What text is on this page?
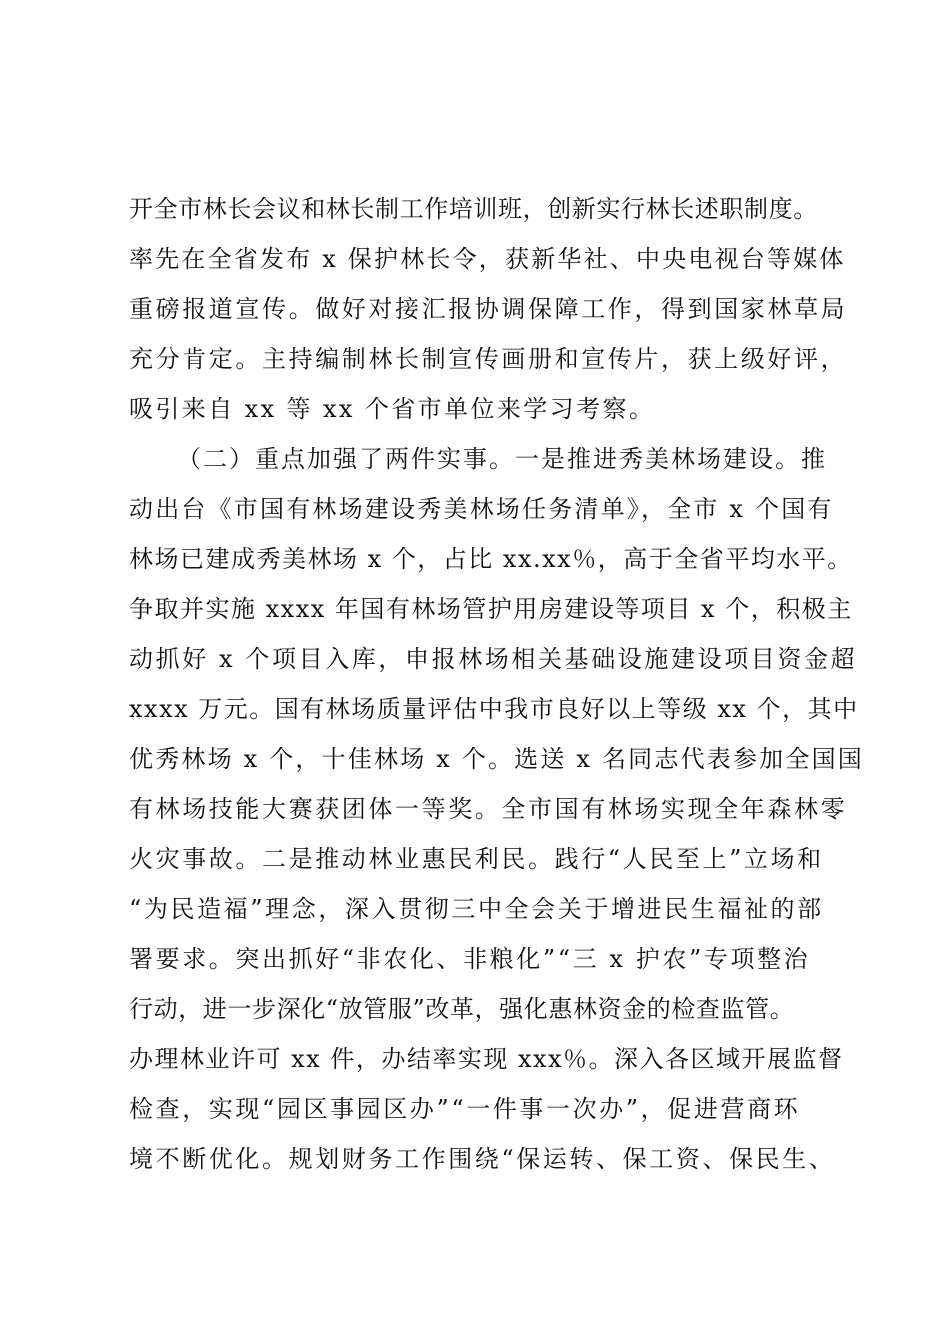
开全市林长会议和林长制工作培训班，创新实行林长述职制度。
率先在全省发布 x 保护林长令，获新华社、中央电视台等媒体
重磅报道宣传。做好对接汇报协调保障工作，得到国家林草局
充分肯定。主持编制林长制宣传画册和宣传片，获上级好评，
吸引来自 xx 等 xx 个省市单位来学习考察。
（二）重点加强了两件实事。一是推进秀美林场建设。推
动出台《市国有林场建设秀美林场任务清单》，全市 x 个国有
林场已建成秀美林场 x 个，占比 xx.xx％，高于全省平均水平。
争取并实施 xxxx 年国有林场管护用房建设等项目 x 个，积极主
动抓好 x 个项目入库，申报林场相关基础设施建设项目资金超
xxxx 万元。国有林场质量评估中我市良好以上等级 xx 个，其中
优秀林场 x 个，十佳林场 x 个。选送 x 名同志代表参加全国国
有林场技能大赛获团体一等奖。全市国有林场实现全年森林零
火灾事故。二是推动林业惠民利民。践行“人民至上”立场和
“为民造福”理念，深入贯彻三中全会关于增进民生福祉的部
署要求。突出抓好“非农化、非粮化”“三 x 护农”专项整治
行动，进一步深化“放管服”改革，强化惠林资金的检查监管。
办理林业许可 xx 件，办结率实现 xxx％。深入各区域开展监督
检查，实现“园区事园区办”“一件事一次办”，促进营商环
境不断优化。规划财务工作围绕“保运转、保工资、保民生、
